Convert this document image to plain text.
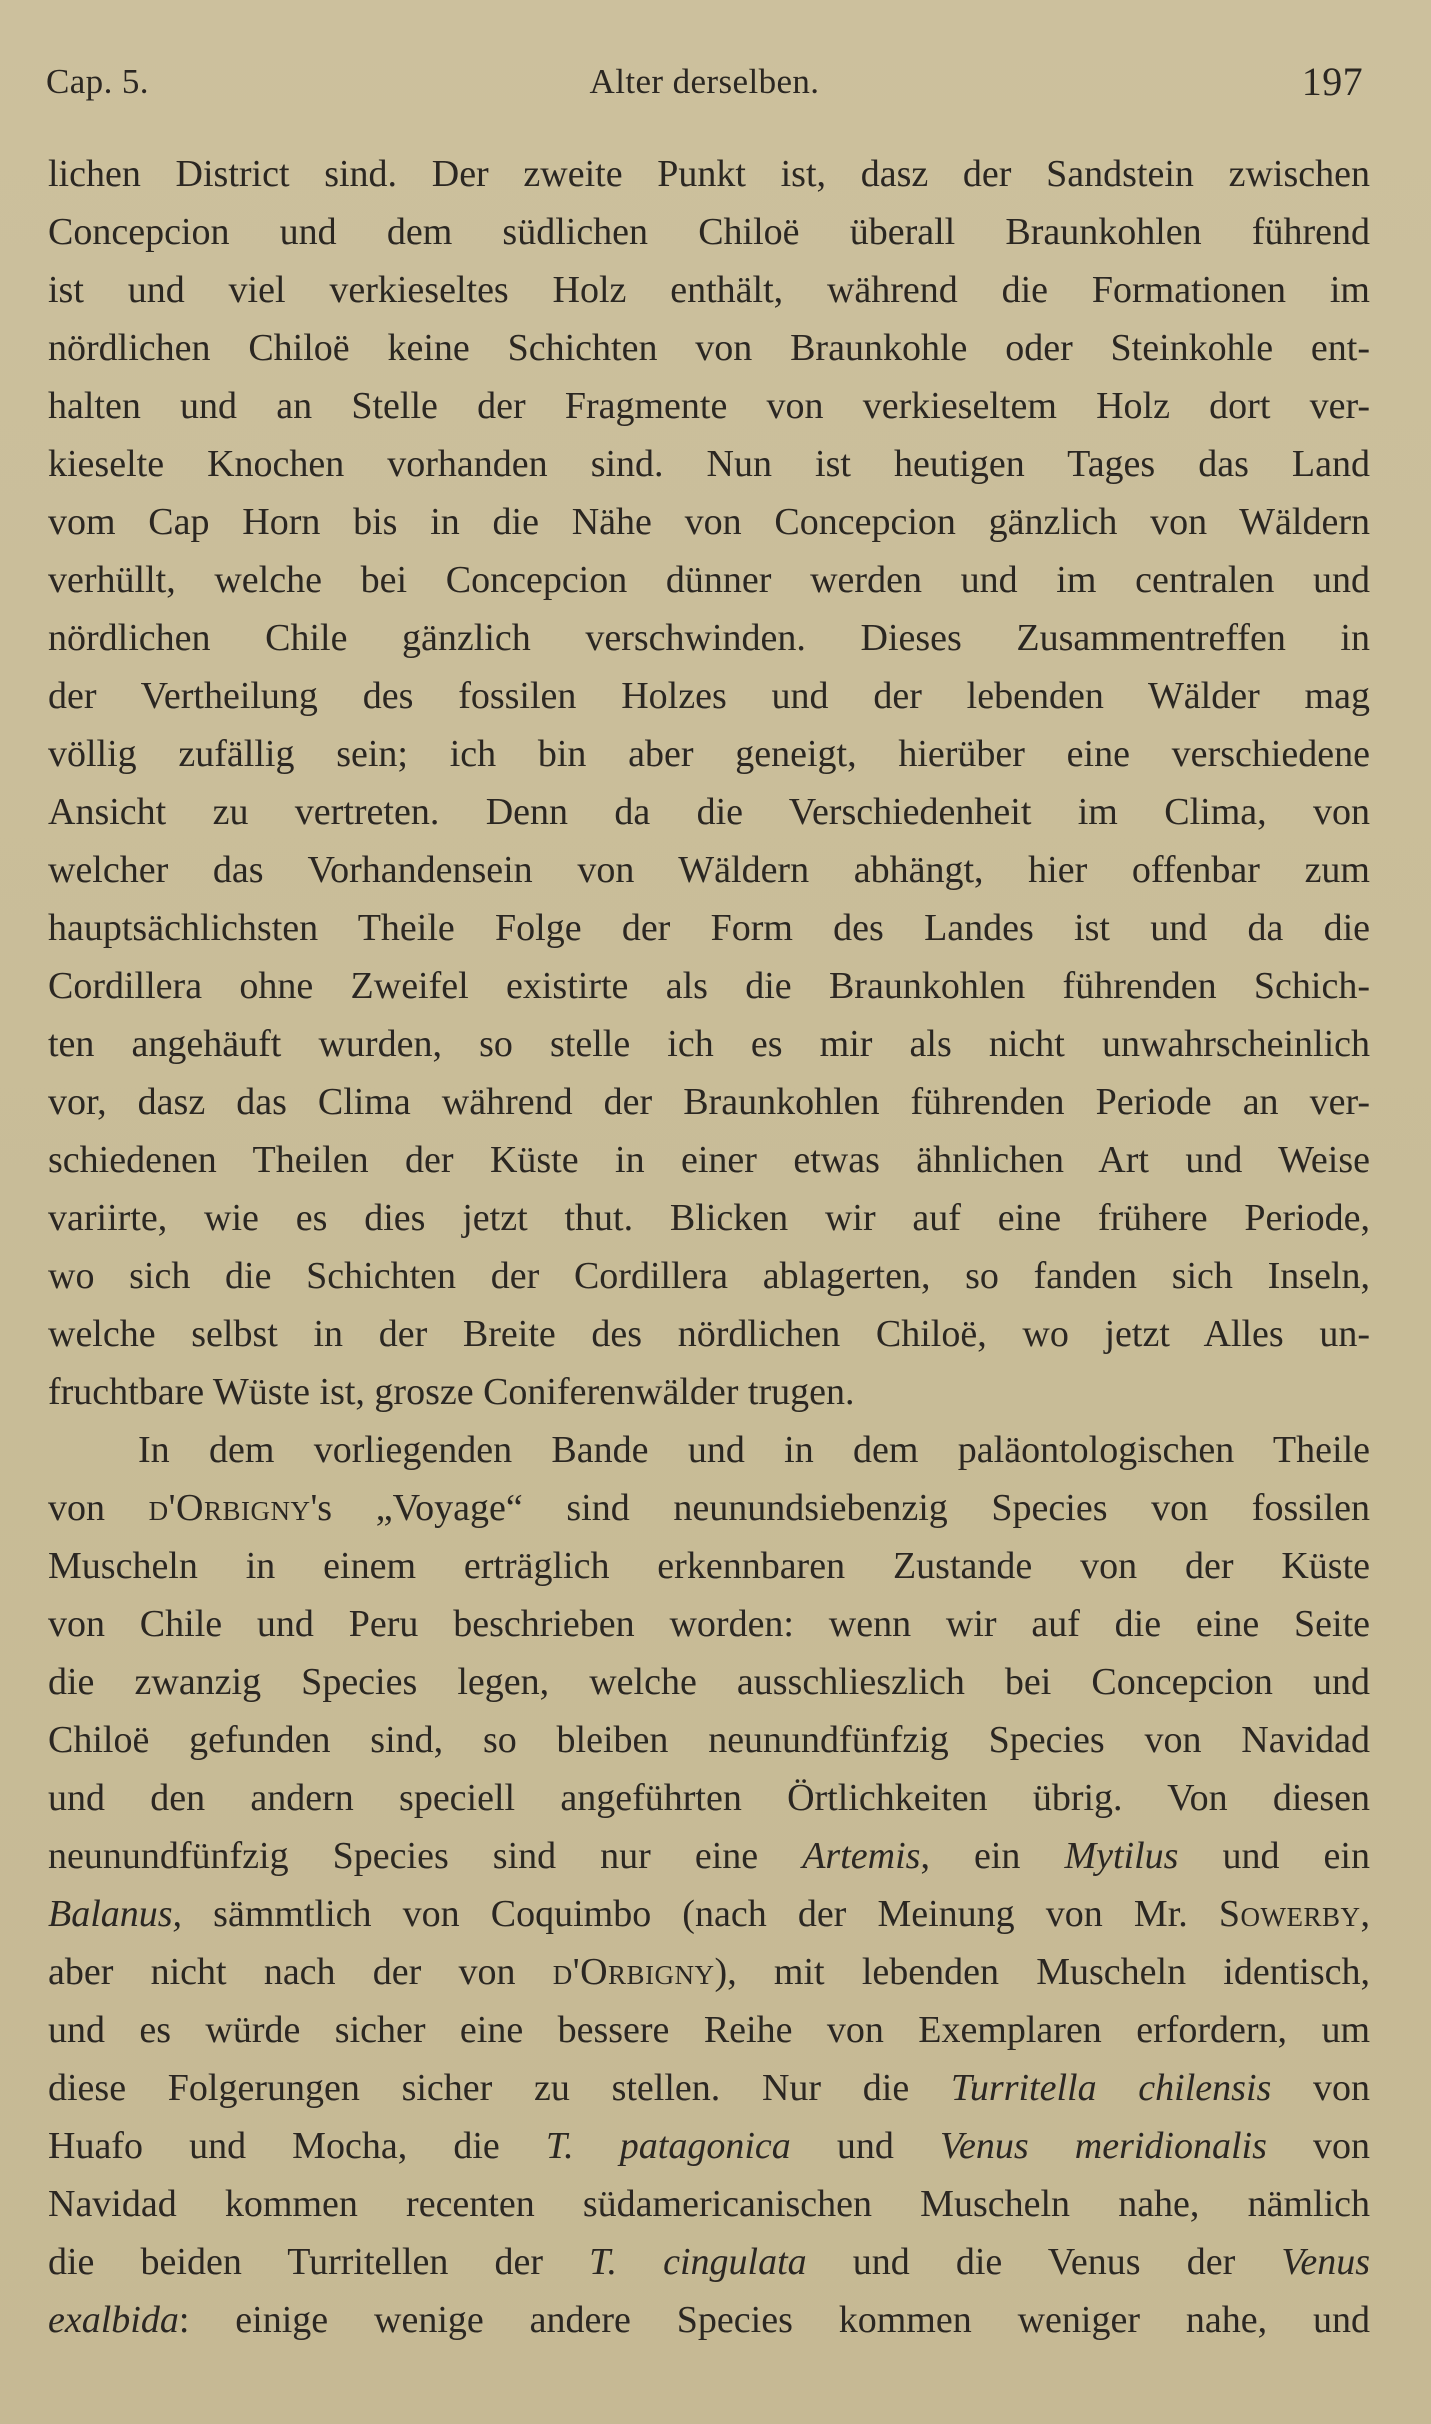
Cap. 5.	Alter derselben.	197
lichen District sind. Der zweite Punkt ist, dasz der Sandstein zwischen
Concepcion und dem südlichen Chiloë überall Braunkohlen führend
ist und viel verkieseltes Holz enthält, während die Formationen im
nördlichen Chiloë keine Schichten von Braunkohle oder Steinkohle ent-
halten und an Stelle der Fragmente von verkieseltem Holz dort ver-
kieselte Knochen vorhanden sind. Nun ist heutigen Tages das Land
vom Cap Horn bis in die Nähe von Concepcion gänzlich von Wäldern
verhüllt, welche bei Concepcion dünner werden und im centralen und
nördlichen Chile gänzlich verschwinden. Dieses Zusammentreffen in
der Vertheilung des fossilen Holzes und der lebenden Wälder mag
völlig zufällig sein; ich bin aber geneigt, hierüber eine verschiedene
Ansicht zu vertreten. Denn da die Verschiedenheit im Clima, von
welcher das Vorhandensein von Wäldern abhängt, hier offenbar zum
hauptsächlichsten Theile Folge der Form des Landes ist und da die
Cordillera ohne Zweifel existirte als die Braunkohlen führenden Schich-
ten angehäuft wurden, so stelle ich es mir als nicht unwahrscheinlich
vor, dasz das Clima während der Braunkohlen führenden Periode an ver-
schiedenen Theilen der Küste in einer etwas ähnlichen Art und Weise
variirte, wie es dies jetzt thut. Blicken wir auf eine frühere Periode,
wo sich die Schichten der Cordillera ablagerten, so fanden sich Inseln,
welche selbst in der Breite des nördlichen Chiloë, wo jetzt Alles un-
fruchtbare Wüste ist, grosze Coniferenwälder trugen.
In dem vorliegenden Bande und in dem paläontologischen Theile
von d'Orbigny's „Voyage“ sind neunundsiebenzig Species von fossilen
Muscheln in einem erträglich erkennbaren Zustande von der Küste
von Chile und Peru beschrieben worden: wenn wir auf die eine Seite
die zwanzig Species legen, welche ausschlieszlich bei Concepcion und
Chiloë gefunden sind, so bleiben neunundfünfzig Species von Navidad
und den andern speciell angeführten Örtlichkeiten übrig. Von diesen
neunundfünfzig Species sind nur eine Artemis, ein Mytilus und ein
Balanus, sämmtlich von Coquimbo (nach der Meinung von Mr. Sowerby,
aber nicht nach der von d'Orbigny), mit lebenden Muscheln identisch,
und es würde sicher eine bessere Reihe von Exemplaren erfordern, um
diese Folgerungen sicher zu stellen. Nur die Turritella chilensis von
Huafo und Mocha, die T. patagonica und Venus meridionalis von
Navidad kommen recenten südamericanischen Muscheln nahe, nämlich
die beiden Turritellen der T. cingulata und die Venus der Venus
exalbida: einige wenige andere Species kommen weniger nahe, und
